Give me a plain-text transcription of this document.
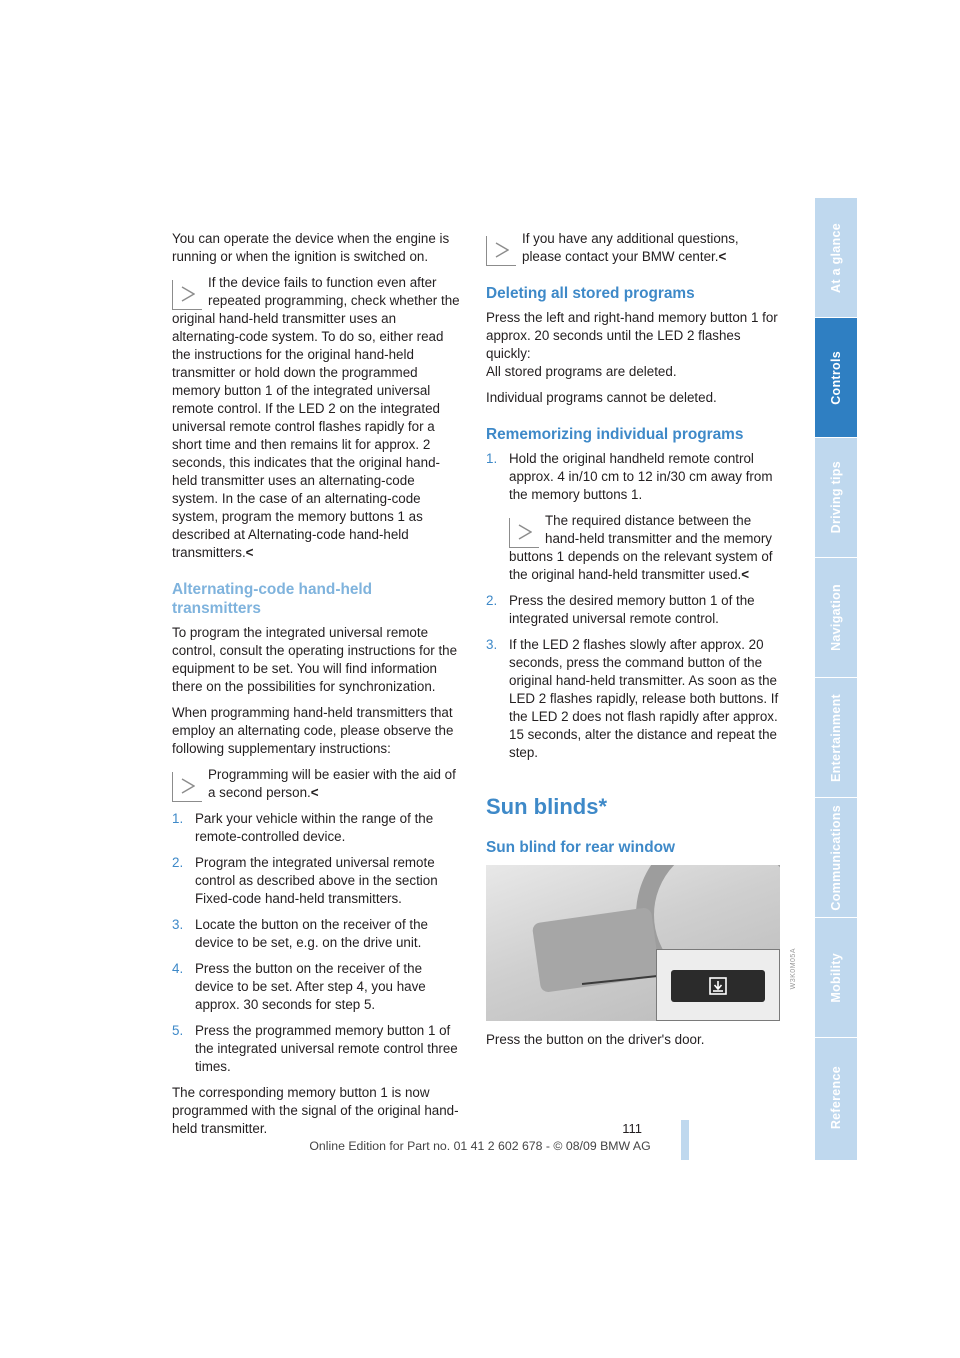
You can operate the device when the engine is running or when the ignition is switched on.

If the device fails to function even after repeated programming, check whether the original hand-held transmitter uses an alternating-code system. To do so, either read the instructions for the original hand-held transmitter or hold down the programmed memory button 1 of the integrated universal remote control. If the LED 2 on the integrated universal remote control flashes rapidly for a short time and then remains lit for approx. 2 seconds, this indicates that the original hand-held transmitter uses an alternating-code system. In the case of an alternating-code system, program the memory buttons 1 as described at Alternating-code hand-held transmitters.<

Alternating-code hand-held transmitters

To program the integrated universal remote control, consult the operating instructions for the equipment to be set. You will find information there on the possibilities for synchronization.

When programming hand-held transmitters that employ an alternating code, please observe the following supplementary instructions:

Programming will be easier with the aid of a second person.<

1. Park your vehicle within the range of the remote-controlled device.
2. Program the integrated universal remote control as described above in the section Fixed-code hand-held transmitters.
3. Locate the button on the receiver of the device to be set, e.g. on the drive unit.
4. Press the button on the receiver of the device to be set. After step 4, you have approx. 30 seconds for step 5.
5. Press the programmed memory button 1 of the integrated universal remote control three times.

The corresponding memory button 1 is now programmed with the signal of the original hand-held transmitter.

If you have any additional questions, please contact your BMW center.<

Deleting all stored programs

Press the left and right-hand memory button 1 for approx. 20 seconds until the LED 2 flashes quickly:

All stored programs are deleted.

Individual programs cannot be deleted.

Rememorizing individual programs
1. Hold the original handheld remote control approx. 4 in/10 cm to 12 in/30 cm away from the memory buttons 1.

The required distance between the hand-held transmitter and the memory buttons 1 depends on the relevant system of the original hand-held transmitter used.<

2. Press the desired memory button 1 of the integrated universal remote control.
3. If the LED 2 flashes slowly after approx. 20 seconds, press the command button of the original hand-held transmitter. As soon as the LED 2 flashes rapidly, release both buttons. If the LED 2 does not flash rapidly after approx. 15 seconds, alter the distance and repeat the step.
Sun blinds*
Sun blind for rear window

Press the button on the driver's door.

W3K0M05A
At a glance
Controls
Driving tips
Navigation
Entertainment
Communications
Mobility
Reference
111
Online Edition for Part no. 01 41 2 602 678 - © 08/09 BMW AG
